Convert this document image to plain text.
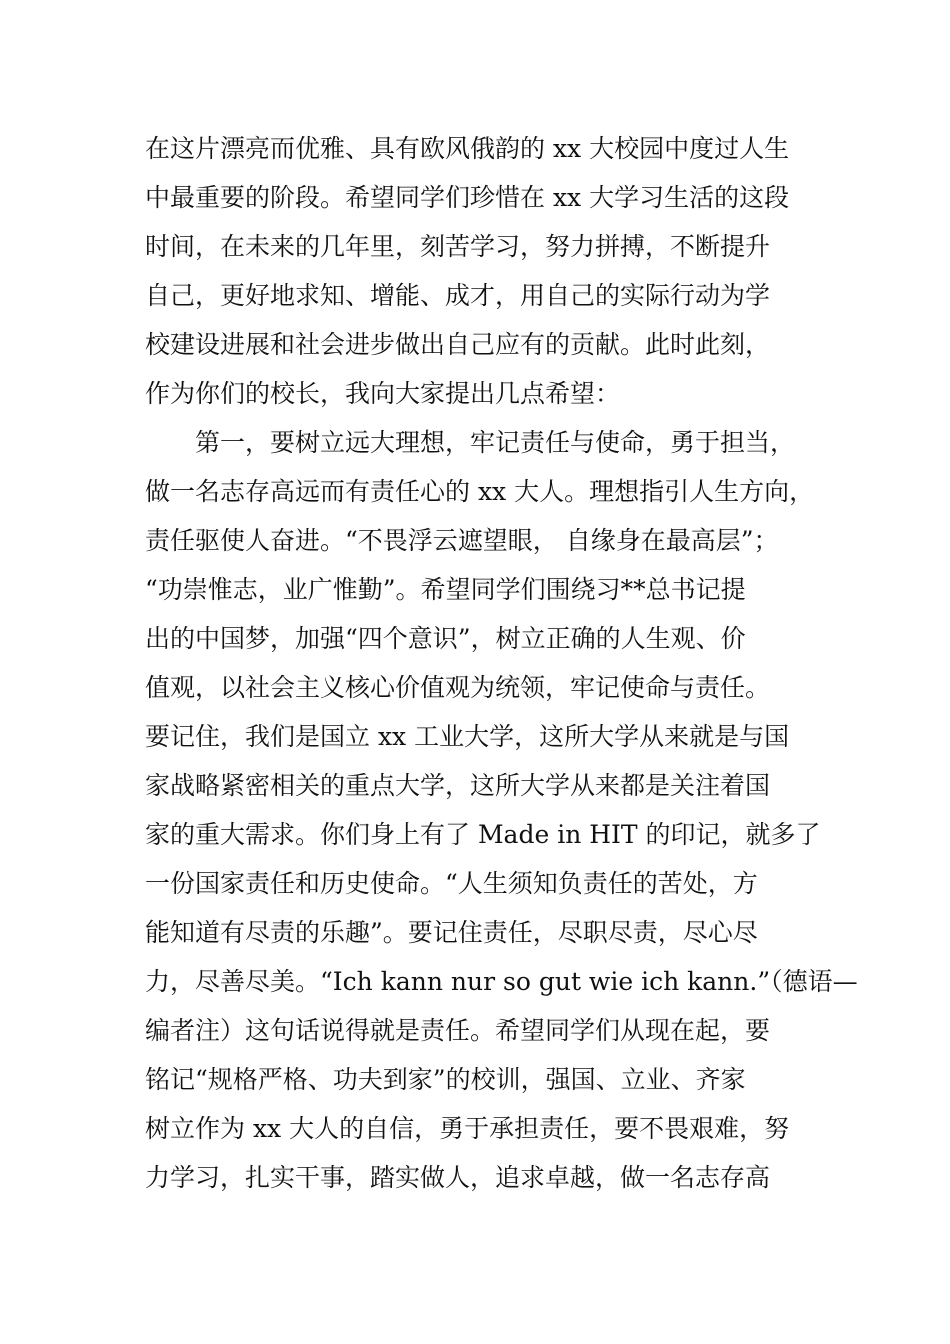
在这片漂亮而优雅、具有欧风俄韵的 xx 大校园中度过人生
中最重要的阶段。希望同学们珍惜在 xx 大学习生活的这段
时间，在未来的几年里，刻苦学习，努力拼搏，不断提升
自己，更好地求知、增能、成才，用自己的实际行动为学
校建设进展和社会进步做出自己应有的贡献。此时此刻，
作为你们的校长，我向大家提出几点希望：
第一，要树立远大理想，牢记责任与使命，勇于担当，
做一名志存高远而有责任心的 xx 大人。理想指引人生方向，
责任驱使人奋进。“不畏浮云遮望眼， 自缘身在最高层”；
“功崇惟志，业广惟勤”。希望同学们围绕习**总书记提
出的中国梦，加强“四个意识”，树立正确的人生观、价
值观，以社会主义核心价值观为统领，牢记使命与责任。
要记住，我们是国立 xx 工业大学，这所大学从来就是与国
家战略紧密相关的重点大学，这所大学从来都是关注着国
家的重大需求。你们身上有了 Made in HIT 的印记，就多了
一份国家责任和历史使命。“人生须知负责任的苦处，方
能知道有尽责的乐趣”。要记住责任，尽职尽责，尽心尽
力，尽善尽美。“Ich kann nur so gut wie ich kann.”（德语—
编者注）这句话说得就是责任。希望同学们从现在起，要
铭记“规格严格、功夫到家”的校训，强国、立业、齐家
树立作为 xx 大人的自信，勇于承担责任，要不畏艰难，努
力学习，扎实干事，踏实做人，追求卓越，做一名志存高
